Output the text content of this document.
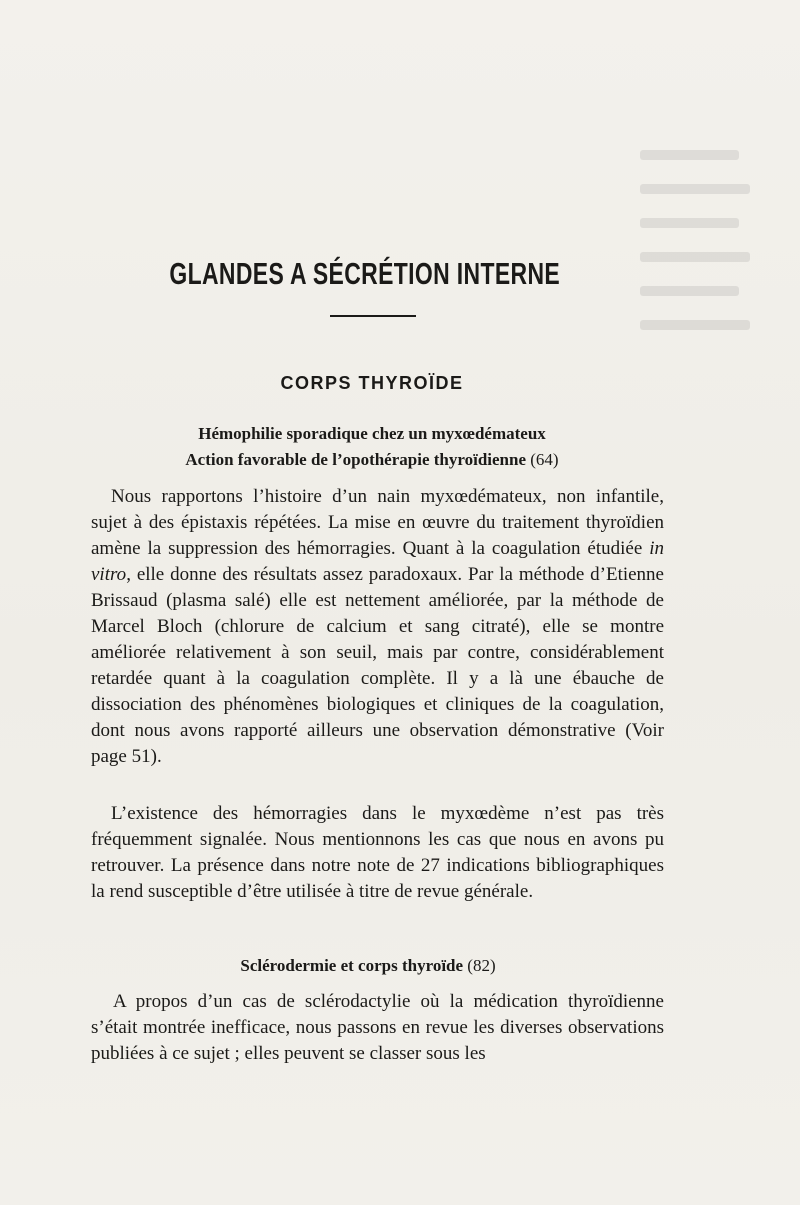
GLANDES A SÉCRÉTION INTERNE
CORPS THYROÏDE
Hémophilie sporadique chez un myxœdémateux
Action favorable de l’opothérapie thyroïdienne (64)

Nous rapportons l’histoire d’un nain myxœdémateux, non infantile, sujet à des épistaxis répétées. La mise en œuvre du traitement thyroïdien amène la suppression des hémorragies. Quant à la coagulation étudiée in vitro, elle donne des résultats assez paradoxaux. Par la méthode d’Etienne Brissaud (plasma salé) elle est nettement améliorée, par la méthode de Marcel Bloch (chlorure de calcium et sang citraté), elle se montre améliorée relativement à son seuil, mais par contre, considérablement retardée quant à la coagulation complète. Il y a là une ébauche de dissociation des phénomènes biologiques et cliniques de la coagulation, dont nous avons rapporté ailleurs une observation démonstrative (Voir page 51).

L’existence des hémorragies dans le myxœdème n’est pas très fréquemment signalée. Nous mentionnons les cas que nous en avons pu retrouver. La présence dans notre note de 27 indications bibliographiques la rend susceptible d’être utilisée à titre de revue générale.

Sclérodermie et corps thyroïde (82)

A propos d’un cas de sclérodactylie où la médication thyroïdienne s’était montrée inefficace, nous passons en revue les diverses observations publiées à ce sujet ; elles peuvent se classer sous les
